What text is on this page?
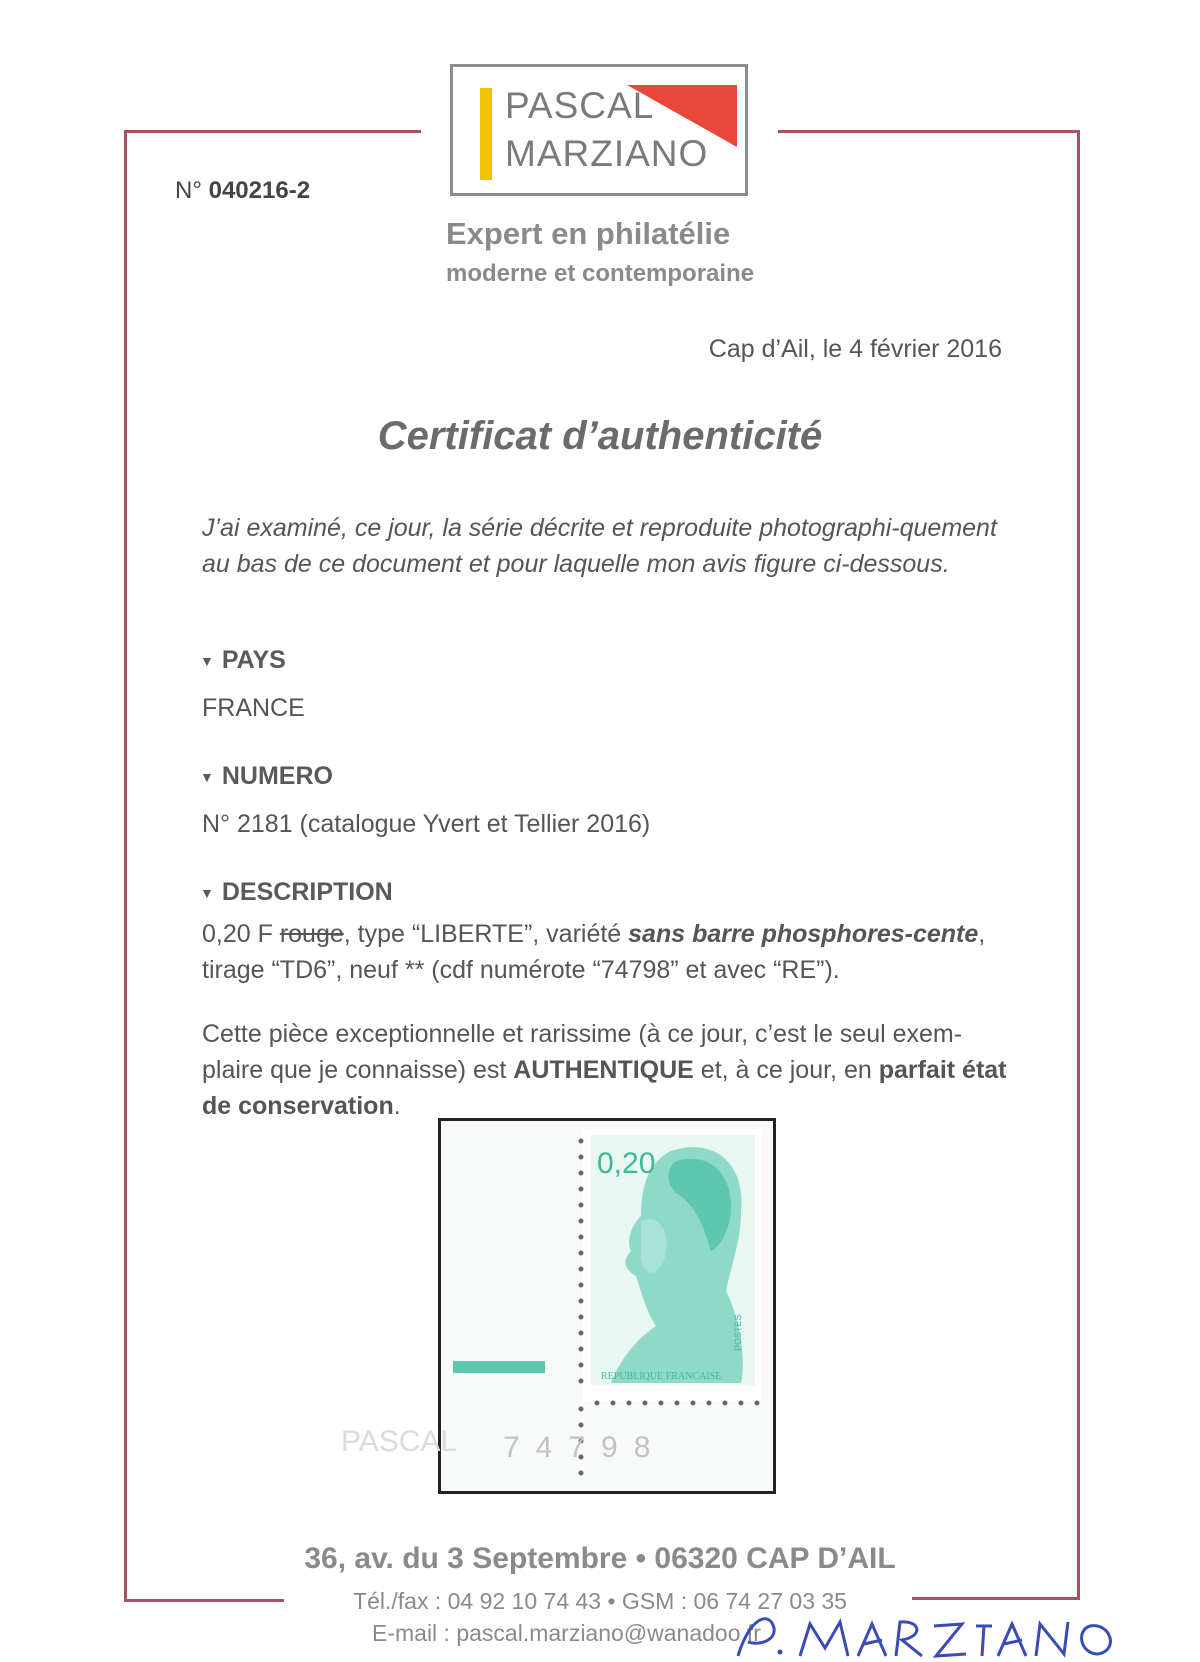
PASCAL
MARZIANO
Expert en philatélie
moderne et contemporaine
N° 040216-2
Cap d’Ail, le 4 février 2016
Certificat d’authenticité
J’ai examiné, ce jour, la série décrite et reproduite photographi-quement au bas de ce document et pour laquelle mon avis figure ci-dessous.
▼ PAYS
FRANCE
▼ NUMERO
N° 2181 (catalogue Yvert et Tellier 2016)
▼ DESCRIPTION
0,20 F rouge, type “LIBERTE”, variété sans barre phosphores-cente, tirage “TD6”, neuf ** (cdf numérote “74798” et avec “RE”).
Cette pièce exceptionnelle et rarissime (à ce jour, c’est le seul exem-plaire que je connaisse) est AUTHENTIQUE et, à ce jour, en parfait état de conservation.
0,20
POSTES
REPUBLIQUE FRANCAISE
PASCAL 74798
36, av. du 3 Septembre • 06320 CAP D’AIL
Tél./fax : 04 92 10 74 43 • GSM : 06 74 27 03 35
E-mail : pascal.marziano@wanadoo.fr
